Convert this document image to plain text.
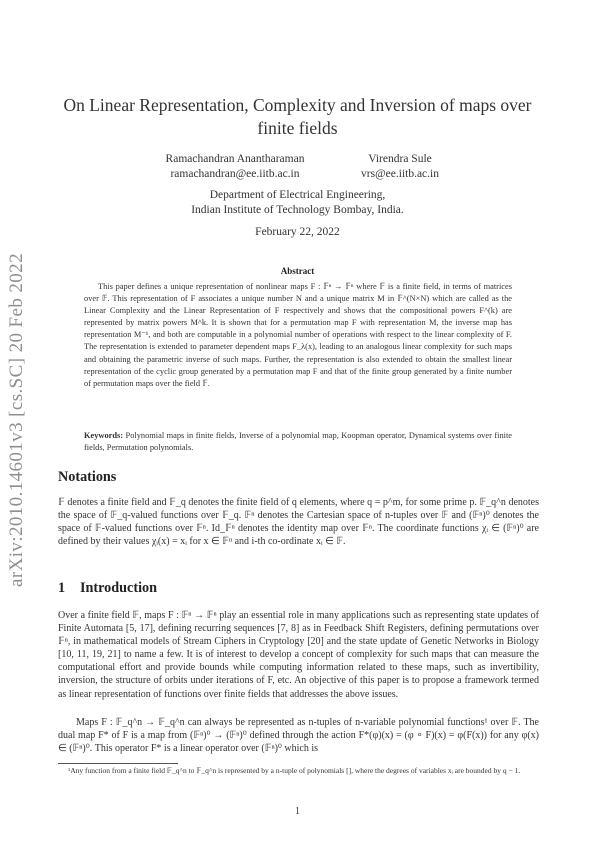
arXiv:2010.14601v3 [cs.SC] 20 Feb 2022
On Linear Representation, Complexity and Inversion of maps over finite fields
Ramachandran Anantharaman
ramachandran@ee.iitb.ac.in
Virendra Sule
vrs@ee.iitb.ac.in
Department of Electrical Engineering,
Indian Institute of Technology Bombay, India.
February 22, 2022
Abstract
This paper defines a unique representation of nonlinear maps F : 𝔽ⁿ → 𝔽ⁿ where 𝔽 is a finite field, in terms of matrices over 𝔽. This representation of F associates a unique number N and a unique matrix M in 𝔽^(N×N) which are called as the Linear Complexity and the Linear Representation of F respectively and shows that the compositional powers F^(k) are represented by matrix powers M^k. It is shown that for a permutation map F with representation M, the inverse map has representation M⁻¹, and both are computable in a polynomial number of operations with respect to the linear complexity of F. The representation is extended to parameter dependent maps F_λ(x), leading to an analogous linear complexity for such maps and obtaining the parametric inverse of such maps. Further, the representation is also extended to obtain the smallest linear representation of the cyclic group generated by a permutation map F and that of the finite group generated by a finite number of permutation maps over the field 𝔽.
Keywords: Polynomial maps in finite fields, Inverse of a polynomial map, Koopman operator, Dynamical systems over finite fields, Permutation polynomials.
Notations
𝔽 denotes a finite field and 𝔽_q denotes the finite field of q elements, where q = p^m, for some prime p. 𝔽_q^n denotes the space of 𝔽_q-valued functions over 𝔽_q. 𝔽ⁿ denotes the Cartesian space of n-tuples over 𝔽 and (𝔽ⁿ)⁰ denotes the space of 𝔽-valued functions over 𝔽ⁿ. Id_𝔽ⁿ denotes the identity map over 𝔽ⁿ. The coordinate functions χᵢ ∈ (𝔽ⁿ)⁰ are defined by their values χᵢ(x) = xᵢ for x ∈ 𝔽ⁿ and i-th co-ordinate xᵢ ∈ 𝔽.
1 Introduction
Over a finite field 𝔽, maps F : 𝔽ⁿ → 𝔽ⁿ play an essential role in many applications such as representing state updates of Finite Automata [5, 17], defining recurring sequences [7, 8] as in Feedback Shift Registers, defining permutations over 𝔽ⁿ, in mathematical models of Stream Ciphers in Cryptology [20] and the state update of Genetic Networks in Biology [10, 11, 19, 21] to name a few. It is of interest to develop a concept of complexity for such maps that can measure the computational effort and provide bounds while computing information related to these maps, such as invertibility, inversion, the structure of orbits under iterations of F, etc. An objective of this paper is to propose a framework termed as linear representation of functions over finite fields that addresses the above issues.
Maps F : 𝔽_q^n → 𝔽_q^n can always be represented as n-tuples of n-variable polynomial functions¹ over 𝔽. The dual map F* of F is a map from (𝔽ⁿ)⁰ → (𝔽ⁿ)⁰ defined through the action F*(φ)(x) = (φ ∘ F)(x) = φ(F(x)) for any φ(x) ∈ (𝔽ⁿ)⁰. This operator F* is a linear operator over (𝔽ⁿ)⁰ which is
¹Any function from a finite field 𝔽_q^n to 𝔽_q^n is represented by a n-tuple of polynomials [], where the degrees of variables xᵢ are bounded by q − 1.
1
